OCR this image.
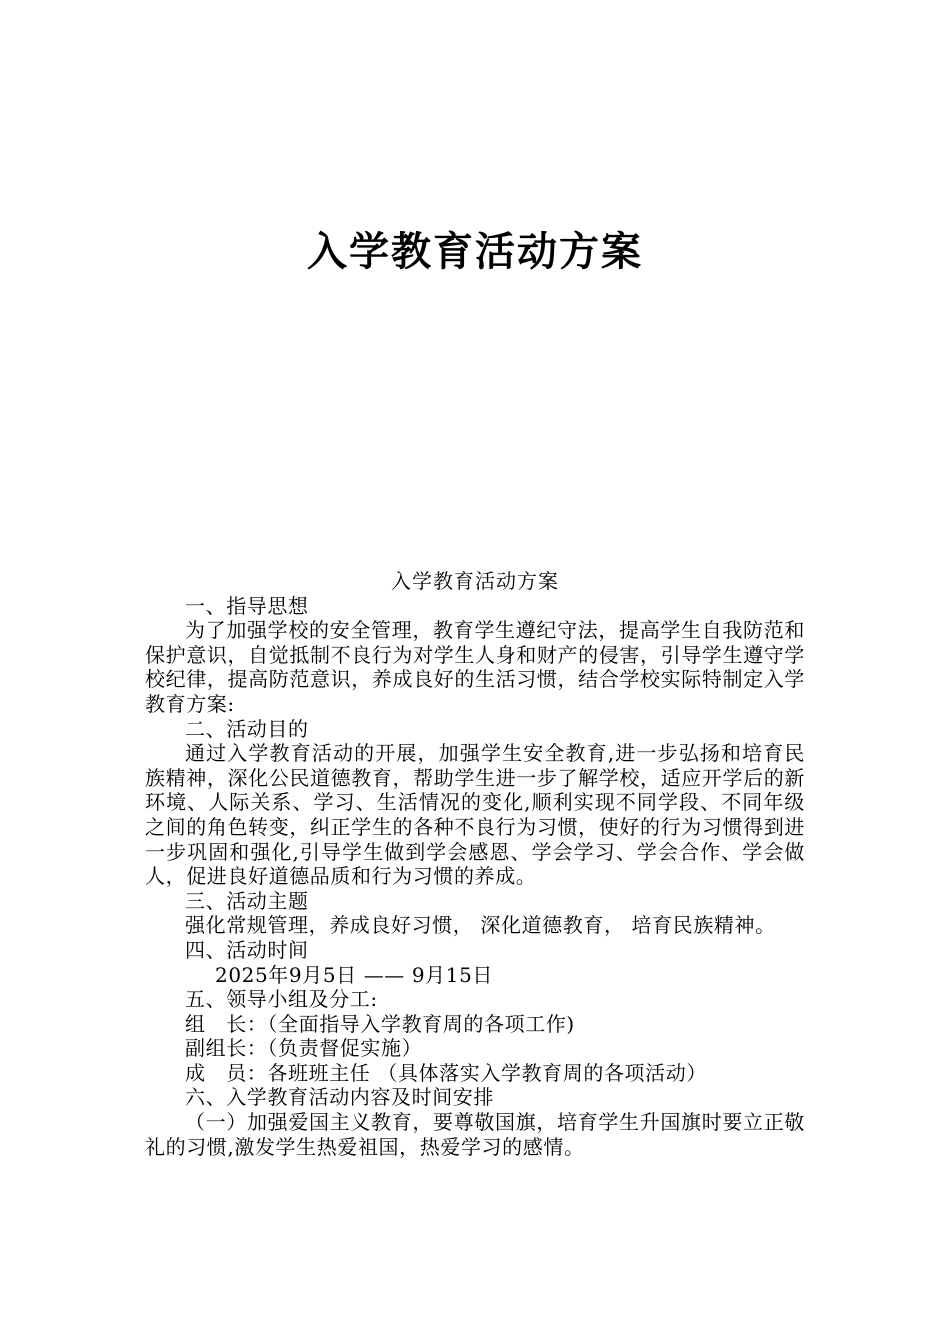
入学教育活动方案

入学教育活动方案

一、指导思想

为了加强学校的安全管理，教育学生遵纪守法，提高学生自我防范和保护意识，自觉抵制不良行为对学生人身和财产的侵害，引导学生遵守学校纪律，提高防范意识，养成良好的生活习惯，结合学校实际特制定入学教育方案:

二、活动目的

通过入学教育活动的开展，加强学生安全教育,进一步弘扬和培育民族精神，深化公民道德教育，帮助学生进一步了解学校，适应开学后的新环境、人际关系、学习、生活情况的变化,顺利实现不同学段、不同年级之间的角色转变，纠正学生的各种不良行为习惯，使好的行为习惯得到进一步巩固和强化,引导学生做到学会感恩、学会学习、学会合作、学会做人，促进良好道德品质和行为习惯的养成。

三、活动主题

强化常规管理，养成良好习惯， 深化道德教育， 培育民族精神。

四、活动时间

2025年9月5日 —— 9月15日

五、领导小组及分工:

组　长：（全面指导入学教育周的各项工作)

副组长：（负责督促实施）

成　员：各班班主任 （具体落实入学教育周的各项活动）

六、入学教育活动内容及时间安排

（一）加强爱国主义教育，要尊敬国旗，培育学生升国旗时要立正敬礼的习惯,激发学生热爱祖国，热爱学习的感情。
